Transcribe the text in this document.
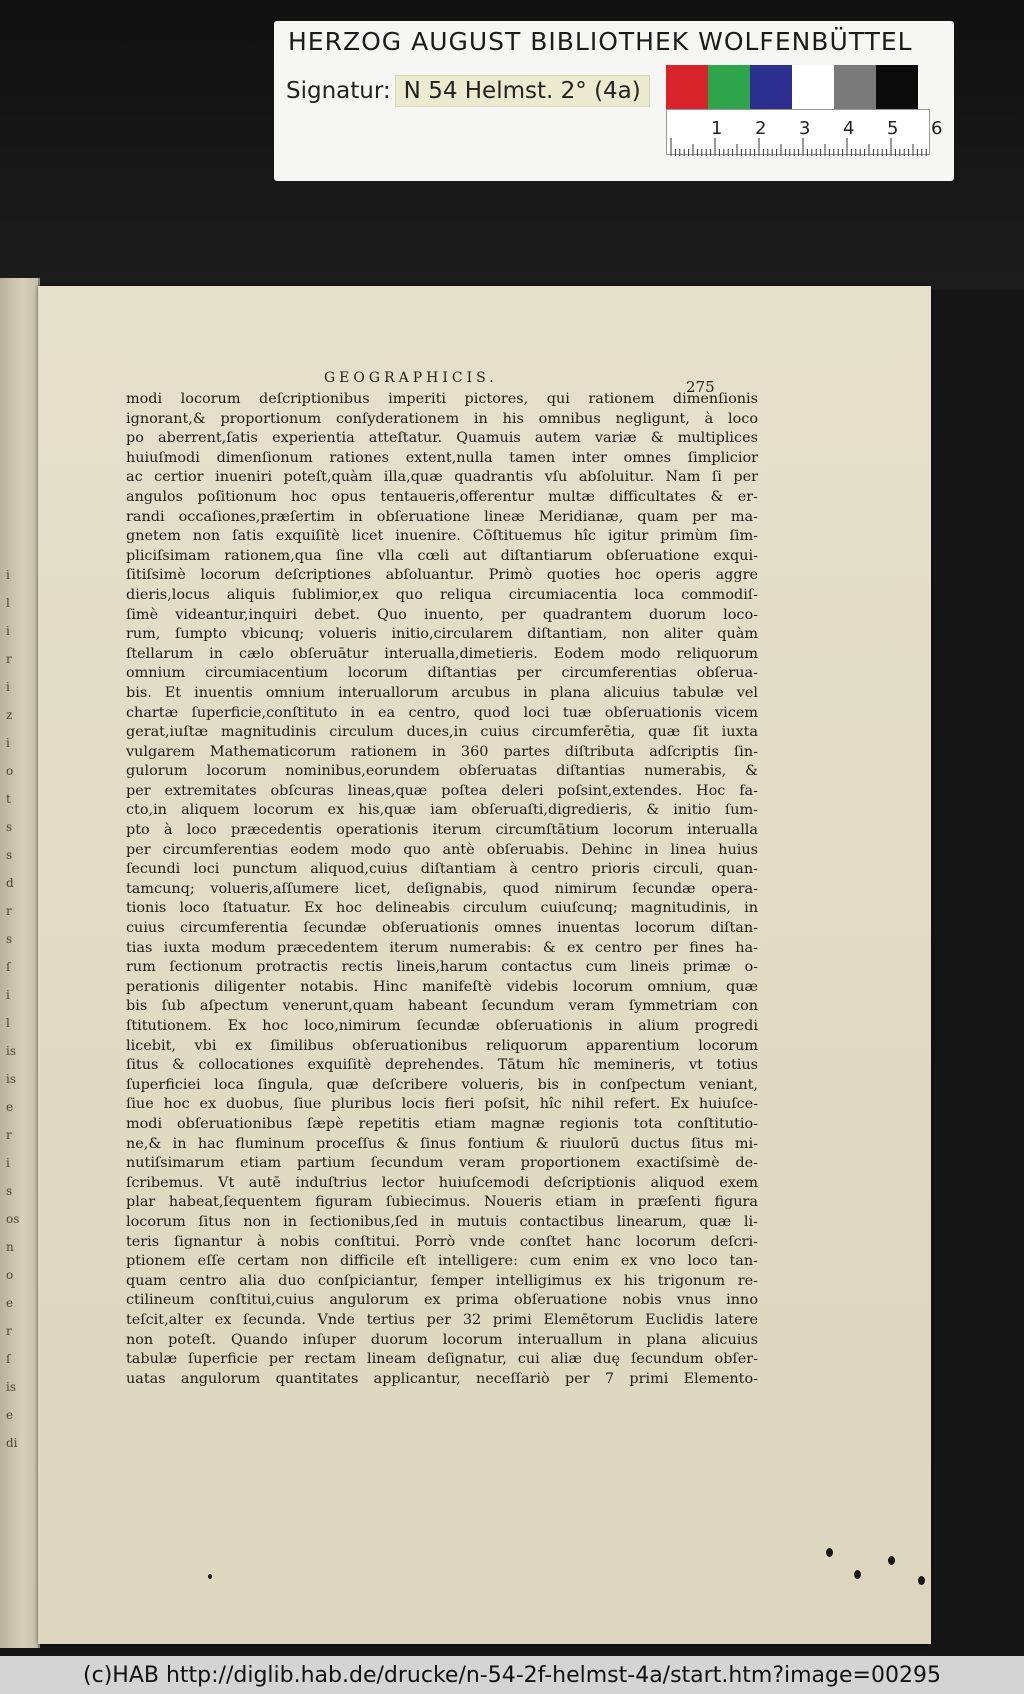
HERZOG AUGUST BIBLIOTHEK WOLFENBÜTTEL
Signatur: N 54 Helmst. 2° (4a)
1 2 3 4 5 6
i
l
i
r
i
z
i
o
t
s
s
d
r
s
ſ
i
l
is
is
e
r
i
s
os
n
o
e
r
ſ
is
e
di
GEOGRAPHICIS.	275
modi locorum deſcriptionibus imperiti pictores, qui rationem dimenſionis
ignorant,& proportionum conſyderationem in his omnibus negligunt, à loco
po aberrent,ſatis experientia atteſtatur. Quamuis autem variæ & multiplices
huiuſmodi dimenſionum rationes extent,nulla tamen inter omnes ſimplicior
ac certior inueniri poteſt,quàm illa,quæ quadrantis vſu abſoluitur. Nam ſi per
angulos poſitionum hoc opus tentaueris,offerentur multæ difficultates & er-
randi occaſiones,præſertim in obſeruatione lineæ Meridianæ, quam per ma-
gnetem non ſatis exquiſitè licet inuenire. Cōſtituemus hîc igitur primùm ſim-
pliciſsimam rationem,qua ſine vlla cœli aut diſtantiarum obſeruatione exqui-
ſitiſsimè locorum deſcriptiones abſoluantur. Primò quoties hoc operis aggre
dieris,locus aliquis ſublimior,ex quo reliqua circumiacentia loca commodiſ-
ſimè videantur,inquiri debet. Quo inuento, per quadrantem duorum loco-
rum, ſumpto vbicunq; volueris initio,circularem diſtantiam, non aliter quàm
ſtellarum in cælo obſeruātur interualla,dimetieris. Eodem modo reliquorum
omnium circumiacentium locorum diſtantias per circumferentias obſerua-
bis. Et inuentis omnium interuallorum arcubus in plana alicuius tabulæ vel
chartæ ſuperficie,conſtituto in ea centro, quod loci tuæ obſeruationis vicem
gerat,iuſtæ magnitudinis circulum duces,in cuius circumferētia, quæ ſit iuxta
vulgarem Mathematicorum rationem in 360 partes diſtributa adſcriptis ſin-
gulorum locorum nominibus,eorundem obſeruatas diſtantias numerabis, &
per extremitates obſcuras lineas,quæ poſtea deleri poſsint,extendes. Hoc fa-
cto,in aliquem locorum ex his,quæ iam obſeruaſti,digredieris, & initio ſum-
pto à loco præcedentis operationis iterum circumſtātium locorum interualla
per circumferentias eodem modo quo antè obſeruabis. Dehinc in linea huius
ſecundi loci punctum aliquod,cuius diſtantiam à centro prioris circuli, quan-
tamcunq; volueris,aſſumere licet, deſignabis, quod nimirum ſecundæ opera-
tionis loco ſtatuatur. Ex hoc delineabis circulum cuiuſcunq; magnitudinis, in
cuius circumferentia ſecundæ obſeruationis omnes inuentas locorum diſtan-
tias iuxta modum præcedentem iterum numerabis: & ex centro per fines ha-
rum ſectionum protractis rectis lineis,harum contactus cum lineis primæ o-
perationis diligenter notabis. Hinc manifeſtè videbis locorum omnium, quæ
bis ſub aſpectum venerunt,quam habeant ſecundum veram ſymmetriam con
ſtitutionem. Ex hoc loco,nimirum ſecundæ obſeruationis in alium progredi
licebit, vbi ex ſimilibus obſeruationibus reliquorum apparentium locorum
ſitus & collocationes exquiſitè deprehendes. Tātum hîc memineris, vt totius
ſuperficiei loca ſingula, quæ deſcribere volueris, bis in conſpectum veniant,
ſiue hoc ex duobus, ſiue pluribus locis fieri poſsit, hîc nihil refert. Ex huiuſce-
modi obſeruationibus ſæpè repetitis etiam magnæ regionis tota conſtitutio-
ne,& in hac fluminum proceſſus & ſinus fontium & riuulorū ductus ſitus mi-
nutiſsimarum etiam partium ſecundum veram proportionem exactiſsimè de-
ſcribemus. Vt autē induſtrius lector huiuſcemodi deſcriptionis aliquod exem
plar habeat,ſequentem figuram ſubiecimus. Noueris etiam in præſenti figura
locorum ſitus non in ſectionibus,ſed in mutuis contactibus linearum, quæ li-
teris ſignantur à nobis conſtitui. Porrò vnde conſtet hanc locorum deſcri-
ptionem eſſe certam non difficile eſt intelligere: cum enim ex vno loco tan-
quam centro alia duo conſpiciantur, ſemper intelligimus ex his trigonum re-
ctilineum conſtitui,cuius angulorum ex prima obſeruatione nobis vnus inno
teſcit,alter ex ſecunda. Vnde tertius per 32 primi Elemētorum Euclidis latere
non poteſt. Quando inſuper duorum locorum interuallum in plana alicuius
tabulæ ſuperficie per rectam lineam deſignatur, cui aliæ duę ſecundum obſer-
uatas angulorum quantitates applicantur, neceſſariò per 7 primi Elemento-
(c)HAB http://diglib.hab.de/drucke/n-54-2f-helmst-4a/start.htm?image=00295
